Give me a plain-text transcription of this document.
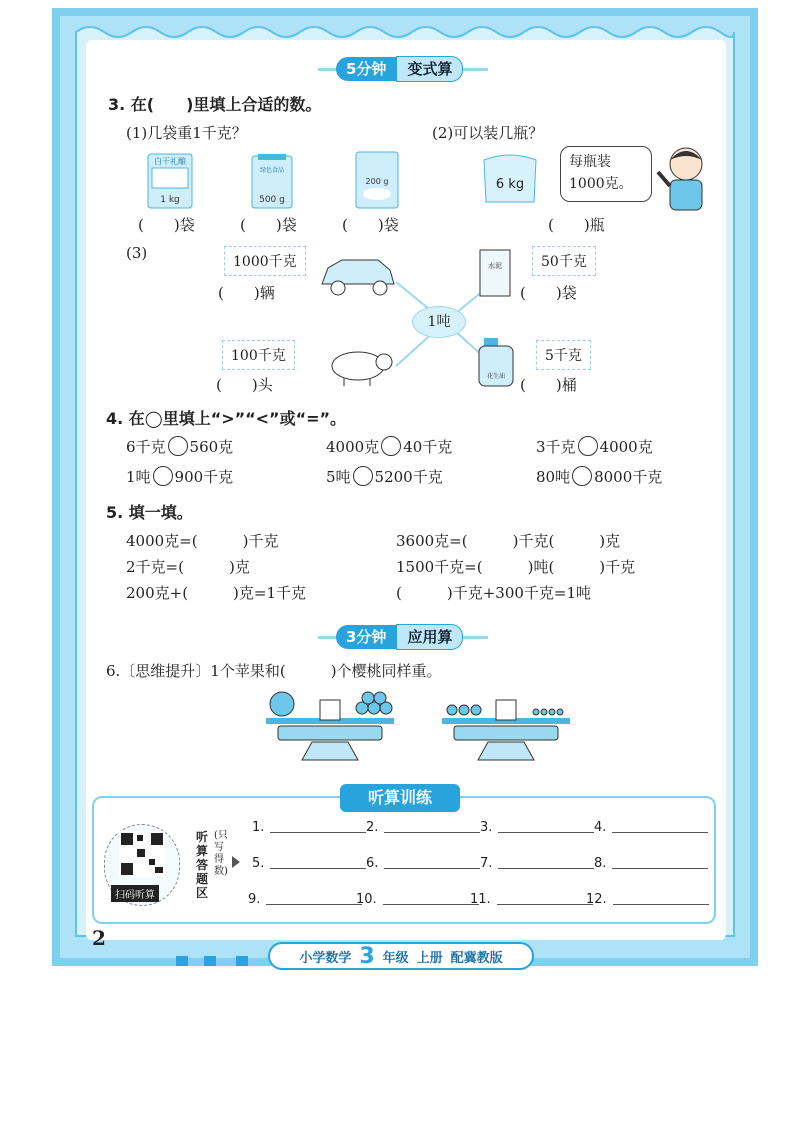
5分钟	变式算
3. 在(　　)里填上合适的数。
(1)几袋重1千克？	(2)可以装几瓶？
白干礼酿
1 kg
绿色食品
500 g
200 g
(　　)袋	(　　)袋	(　　)袋
6 kg
每瓶装
1000克。
(　　)瓶
(3)
1吨
1000千克
(　　)辆
水泥	50千克
(　　)袋
100千克
(　　)头	花生油
5千克
(　　)桶
4. 在◯里填上“>”“<”或“=”。
6千克 560克	4000克 40千克	3千克 4000克
1吨 900千克	5吨 5200千克	80吨 8000千克
5. 填一填。
4000克=(　　　)千克	3600克=(　　　)千克(　　　)克
2千克=(　　　)克	1500千克=(　　　)吨(　　　)千克
200克+(　　　)克=1千克	(　　　)千克+300千克=1吨
3分钟	应用算
6.〔思维提升〕1个苹果和(　　　)个樱桃同样重。
听算训练
扫码听算
听算答题区
(只写得数)
1.	2.	3.	4.
5.	6.	7.	8.
9.	10.	11.	12.
2
小学数学 3 年级 上册 配冀教版
